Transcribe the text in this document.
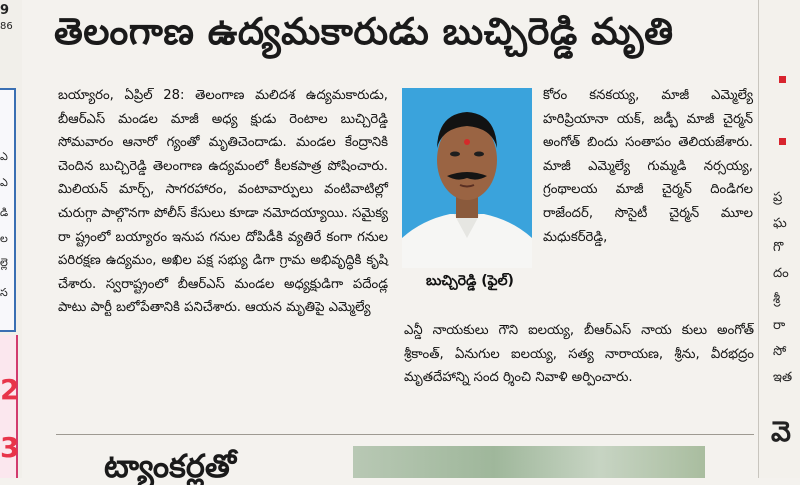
9
86
ఎ
ఎ
డి
ల
ల్లె
స
2
3
తెలంగాణ ఉద్యమకారుడు బుచ్చిరెడ్డి మృతి

బయ్యారం, ఏప్రిల్ 28: తెలంగాణ మలిదశ ఉద్యమకారుడు, బీఆర్ఎస్ మండల మాజీ అధ్య క్షుడు రెంటాల బుచ్చిరెడ్డి సోమవారం ఆనారో గ్యంతో మృతిచెందాడు. మండల కేంద్రానికి చెందిన బుచ్చిరెడ్డి తెలంగాణ ఉద్యమంలో కీలకపాత్ర పోషించారు. మిలియన్ మార్చ్, సాగరహారం, వంటావార్పులు వంటివాటిల్లో చురుగ్గా పాల్గొనగా పోలీస్ కేసులు కూడా నమోదయ్యాయి. సమైక్య రా ష్ట్రంలో బయ్యారం ఇనుప గనుల దోపిడీకి వ్యతిరే కంగా గనుల పరిరక్షణ ఉద్యమం, అఖిల పక్ష సభ్యు డిగా గ్రామ అభివృద్ధికి కృషి చేశారు. స్వరాష్ట్రంలో బీఆర్ఎస్ మండల అధ్యక్షుడిగా పదేండ్ల పాటు పార్టీ బలోపేతానికి పనిచేశారు. ఆయన మృతిపై ఎమ్మెల్యే

బుచ్చిరెడ్డి (ఫైల్)

కోరం కనకయ్య, మాజీ ఎమ్మెల్యే హరిప్రియానా యక్, జడ్పీ మాజీ చైర్మన్ అంగోత్ బిందు సంతాపం తెలియజేశారు. మాజీ ఎమ్మెల్యే గుమ్మడి నర్సయ్య, గ్రంథాలయ మాజీ చైర్మన్ దిండిగల రాజేందర్, సొసైటీ చైర్మన్ మూల మధుకర్‌రెడ్డి,

ఎన్డీ నాయకులు గౌని ఐలయ్య, బీఆర్ఎస్ నాయ కులు అంగోత్ శ్రీకాంత్, ఏనుగుల ఐలయ్య, సత్య నారాయణ, శ్రీను, వీరభద్రం మృతదేహాన్ని సంద ర్శించి నివాళి అర్పించారు.

ట్యాంకర్లతో
ప్ర
ఘ
గొ
దం
శ్రీ
రా
సో
ఇత
వె
